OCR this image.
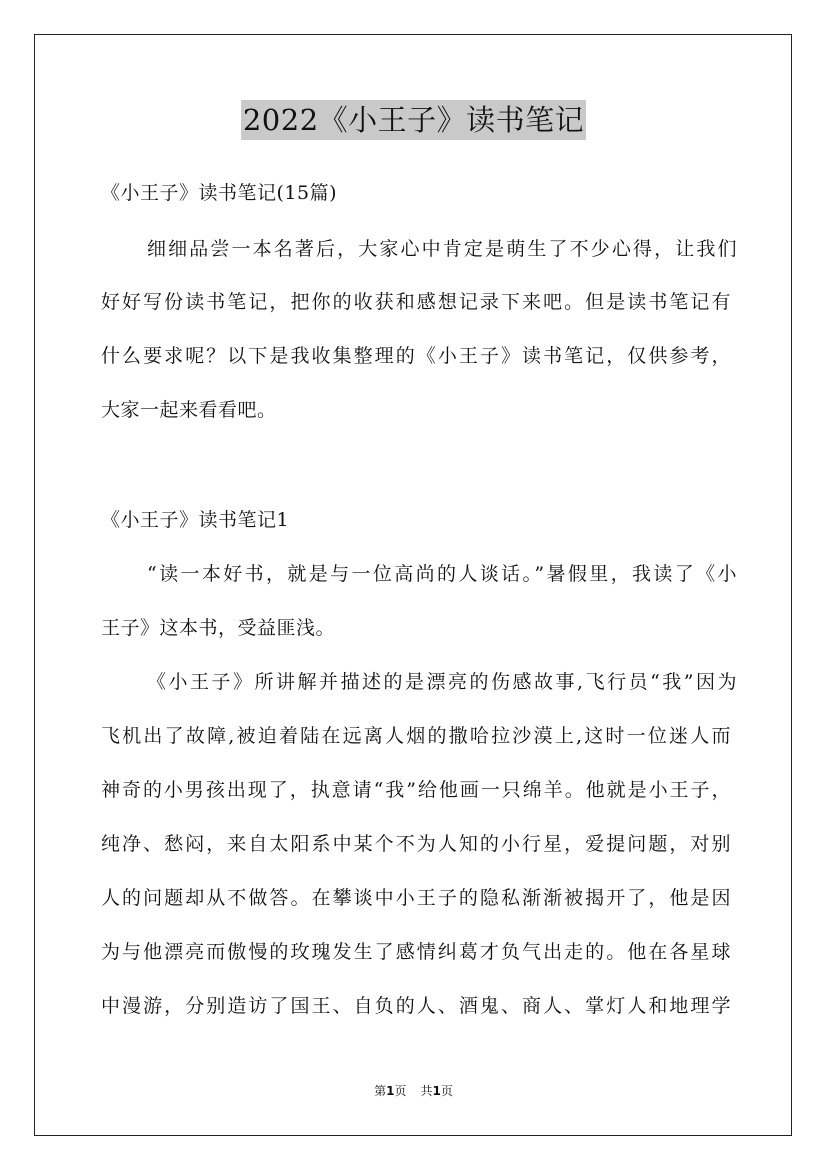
2022《小王子》读书笔记
《小王子》读书笔记(15篇)
细细品尝一本名著后，大家心中肯定是萌生了不少心得，让我们
好好写份读书笔记，把你的收获和感想记录下来吧。但是读书笔记有
什么要求呢？以下是我收集整理的《小王子》读书笔记，仅供参考，
大家一起来看看吧。
《小王子》读书笔记1
“读一本好书，就是与一位高尚的人谈话。”暑假里，我读了《小
王子》这本书，受益匪浅。
《小王子》所讲解并描述的是漂亮的伤感故事,飞行员“我”因为
飞机出了故障,被迫着陆在远离人烟的撒哈拉沙漠上,这时一位迷人而
神奇的小男孩出现了，执意请“我”给他画一只绵羊。他就是小王子，
纯净、愁闷，来自太阳系中某个不为人知的小行星，爱提问题，对别
人的问题却从不做答。在攀谈中小王子的隐私渐渐被揭开了，他是因
为与他漂亮而傲慢的玫瑰发生了感情纠葛才负气出走的。他在各星球
中漫游，分别造访了国王、自负的人、酒鬼、商人、掌灯人和地理学
第1页 共1页
